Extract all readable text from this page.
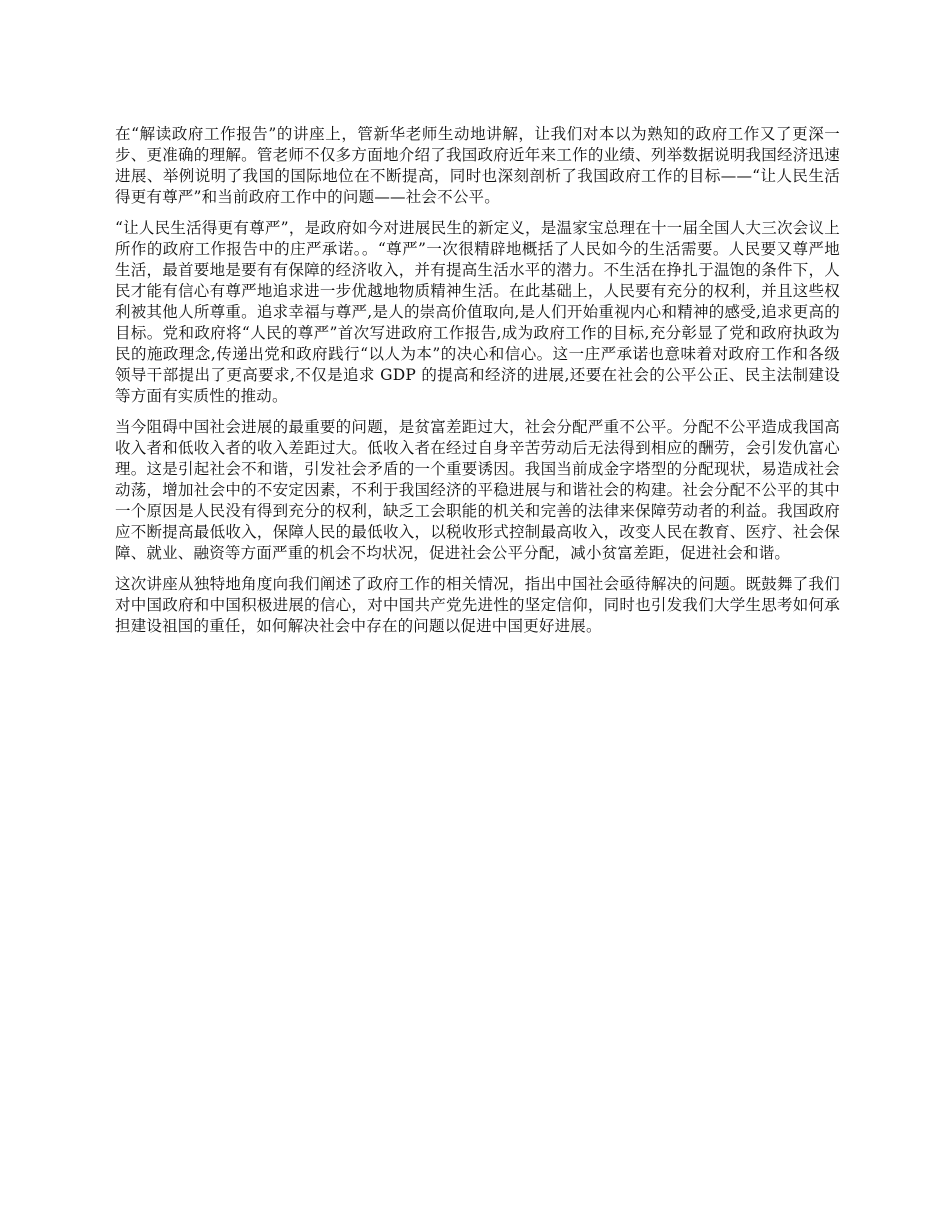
在“解读政府工作报告”的讲座上，管新华老师生动地讲解，让我们对本以为熟知的政府工作又了更深一步、更准确的理解。管老师不仅多方面地介绍了我国政府近年来工作的业绩、列举数据说明我国经济迅速进展、举例说明了我国的国际地位在不断提高，同时也深刻剖析了我国政府工作的目标——“让人民生活得更有尊严”和当前政府工作中的问题——社会不公平。

“让人民生活得更有尊严”，是政府如今对进展民生的新定义，是温家宝总理在十一届全国人大三次会议上所作的政府工作报告中的庄严承诺。。“尊严”一次很精辟地概括了人民如今的生活需要。人民要又尊严地生活，最首要地是要有有保障的经济收入，并有提高生活水平的潜力。不生活在挣扎于温饱的条件下，人民才能有信心有尊严地追求进一步优越地物质精神生活。在此基础上，人民要有充分的权利，并且这些权利被其他人所尊重。追求幸福与尊严,是人的崇高价值取向,是人们开始重视内心和精神的感受,追求更高的目标。党和政府将“人民的尊严”首次写进政府工作报告,成为政府工作的目标,充分彰显了党和政府执政为民的施政理念,传递出党和政府践行“以人为本”的决心和信心。这一庄严承诺也意味着对政府工作和各级领导干部提出了更高要求,不仅是追求 GDP 的提高和经济的进展,还要在社会的公平公正、民主法制建设等方面有实质性的推动。

当今阻碍中国社会进展的最重要的问题，是贫富差距过大，社会分配严重不公平。分配不公平造成我国高收入者和低收入者的收入差距过大。低收入者在经过自身辛苦劳动后无法得到相应的酬劳，会引发仇富心理。这是引起社会不和谐，引发社会矛盾的一个重要诱因。我国当前成金字塔型的分配现状，易造成社会动荡，增加社会中的不安定因素，不利于我国经济的平稳进展与和谐社会的构建。社会分配不公平的其中一个原因是人民没有得到充分的权利，缺乏工会职能的机关和完善的法律来保障劳动者的利益。我国政府应不断提高最低收入，保障人民的最低收入，以税收形式控制最高收入，改变人民在教育、医疗、社会保障、就业、融资等方面严重的机会不均状况，促进社会公平分配，减小贫富差距，促进社会和谐。

这次讲座从独特地角度向我们阐述了政府工作的相关情况，指出中国社会亟待解决的问题。既鼓舞了我们对中国政府和中国积极进展的信心，对中国共产党先进性的坚定信仰，同时也引发我们大学生思考如何承担建设祖国的重任，如何解决社会中存在的问题以促进中国更好进展。
